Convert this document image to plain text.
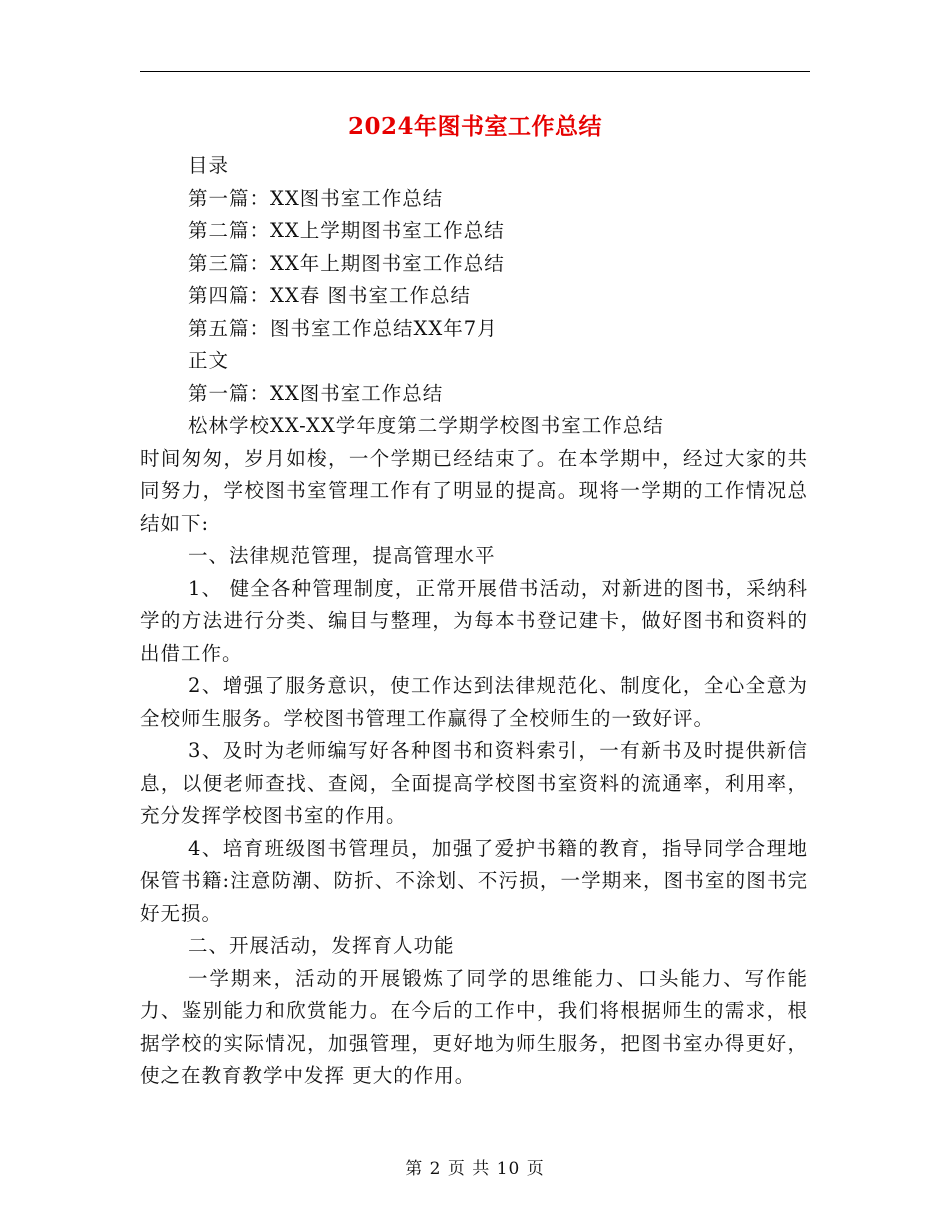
2024年图书室工作总结
目录
第一篇：XX图书室工作总结
第二篇：XX上学期图书室工作总结
第三篇：XX年上期图书室工作总结
第四篇：XX春 图书室工作总结
第五篇：图书室工作总结XX年7月
正文
第一篇：XX图书室工作总结
松林学校XX-XX学年度第二学期学校图书室工作总结

时间匆匆，岁月如梭，一个学期已经结束了。在本学期中，经过大家的共同努力，学校图书室管理工作有了明显的提高。现将一学期的工作情况总结如下:

一、法律规范管理，提高管理水平

1、 健全各种管理制度，正常开展借书活动，对新进的图书，采纳科学的方法进行分类、编目与整理，为每本书登记建卡，做好图书和资料的出借工作。

2、增强了服务意识，使工作达到法律规范化、制度化，全心全意为全校师生服务。学校图书管理工作赢得了全校师生的一致好评。

3、及时为老师编写好各种图书和资料索引，一有新书及时提供新信息，以便老师查找、查阅，全面提高学校图书室资料的流通率，利用率，充分发挥学校图书室的作用。

4、培育班级图书管理员，加强了爱护书籍的教育，指导同学合理地保管书籍:注意防潮、防折、不涂划、不污损，一学期来，图书室的图书完好无损。

二、开展活动，发挥育人功能

一学期来，活动的开展锻炼了同学的思维能力、口头能力、写作能力、鉴别能力和欣赏能力。在今后的工作中，我们将根据师生的需求，根据学校的实际情况，加强管理，更好地为师生服务，把图书室办得更好，使之在教育教学中发挥 更大的作用。

第 2 页 共 10 页
